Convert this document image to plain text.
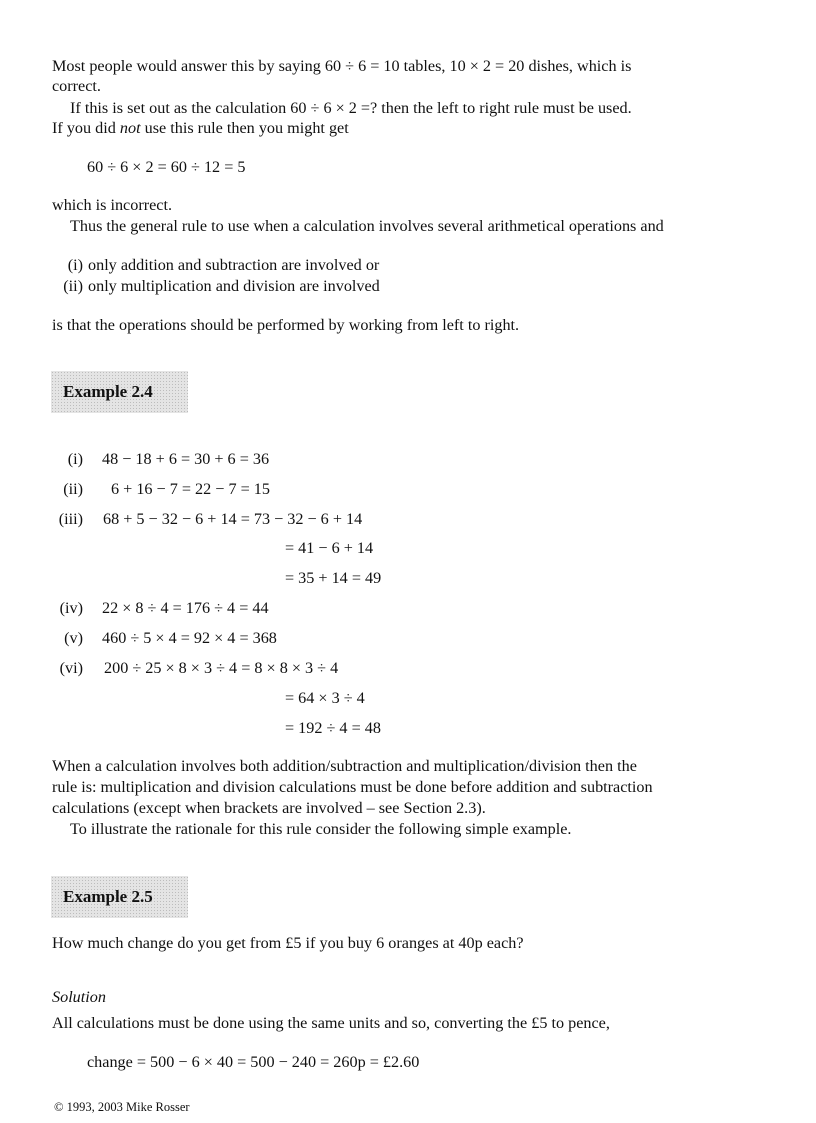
Most people would answer this by saying 60 ÷ 6 = 10 tables, 10 × 2 = 20 dishes, which is
correct.
If this is set out as the calculation 60 ÷ 6 × 2 =? then the left to right rule must be used.
If you did not use this rule then you might get
60 ÷ 6 × 2 = 60 ÷ 12 = 5
which is incorrect.
Thus the general rule to use when a calculation involves several arithmetical operations and
(i) only addition and subtraction are involved or
(ii) only multiplication and division are involved
is that the operations should be performed by working from left to right.
Example 2.4
(i) 48 − 18 + 6 = 30 + 6 = 36
(ii) 6 + 16 − 7 = 22 − 7 = 15
(iii) 68 + 5 − 32 − 6 + 14 = 73 − 32 − 6 + 14
= 41 − 6 + 14
= 35 + 14 = 49
(iv) 22 × 8 ÷ 4 = 176 ÷ 4 = 44
(v) 460 ÷ 5 × 4 = 92 × 4 = 368
(vi) 200 ÷ 25 × 8 × 3 ÷ 4 = 8 × 8 × 3 ÷ 4
= 64 × 3 ÷ 4
= 192 ÷ 4 = 48
When a calculation involves both addition/subtraction and multiplication/division then the
rule is: multiplication and division calculations must be done before addition and subtraction
calculations (except when brackets are involved – see Section 2.3).
To illustrate the rationale for this rule consider the following simple example.
Example 2.5
How much change do you get from £5 if you buy 6 oranges at 40p each?
Solution
All calculations must be done using the same units and so, converting the £5 to pence,
change = 500 − 6 × 40 = 500 − 240 = 260p = £2.60
© 1993, 2003 Mike Rosser
